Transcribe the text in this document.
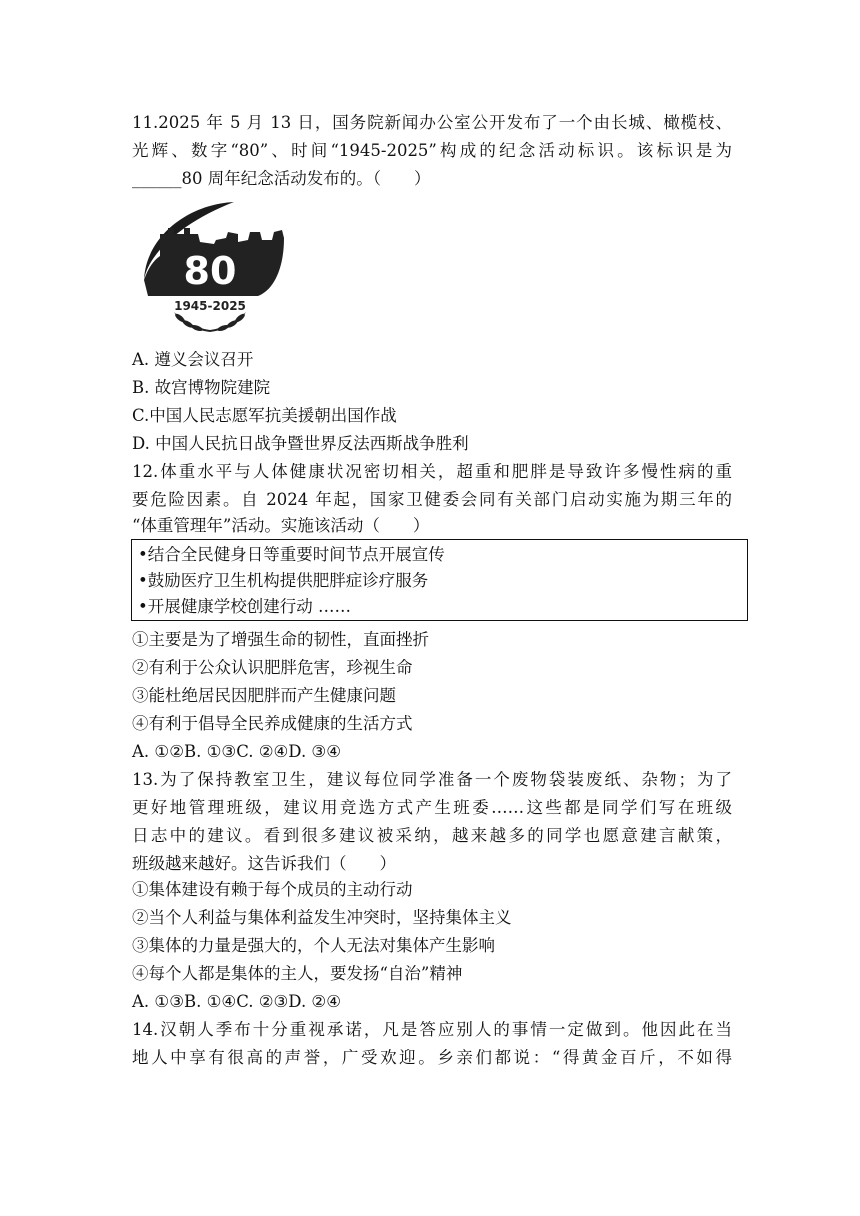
11.2025 年 5 月 13 日，国务院新闻办公室公开发布了一个由长城、橄榄枝、
光辉、数字“80”、时间“1945-2025”构成的纪念活动标识。该标识是为
______80 周年纪念活动发布的。（　　）
80
1945-2025
A. 遵义会议召开
B. 故宫博物院建院
C.中国人民志愿军抗美援朝出国作战
D. 中国人民抗日战争暨世界反法西斯战争胜利
12.体重水平与人体健康状况密切相关，超重和肥胖是导致许多慢性病的重
要危险因素。自 2024 年起，国家卫健委会同有关部门启动实施为期三年的
“体重管理年”活动。实施该活动（　　）
•结合全民健身日等重要时间节点开展宣传
•鼓励医疗卫生机构提供肥胖症诊疗服务
•开展健康学校创建行动 ……
①主要是为了增强生命的韧性，直面挫折
②有利于公众认识肥胖危害，珍视生命
③能杜绝居民因肥胖而产生健康问题
④有利于倡导全民养成健康的生活方式
A. ①②B. ①③C. ②④D. ③④
13.为了保持教室卫生，建议每位同学准备一个废物袋装废纸、杂物；为了
更好地管理班级，建议用竞选方式产生班委……这些都是同学们写在班级
日志中的建议。看到很多建议被采纳，越来越多的同学也愿意建言献策，
班级越来越好。这告诉我们（　　）
①集体建设有赖于每个成员的主动行动
②当个人利益与集体利益发生冲突时，坚持集体主义
③集体的力量是强大的，个人无法对集体产生影响
④每个人都是集体的主人，要发扬“自治”精神
A. ①③B. ①④C. ②③D. ②④
14.汉朝人季布十分重视承诺，凡是答应别人的事情一定做到。他因此在当
地人中享有很高的声誉，广受欢迎。乡亲们都说：“得黄金百斤，不如得
